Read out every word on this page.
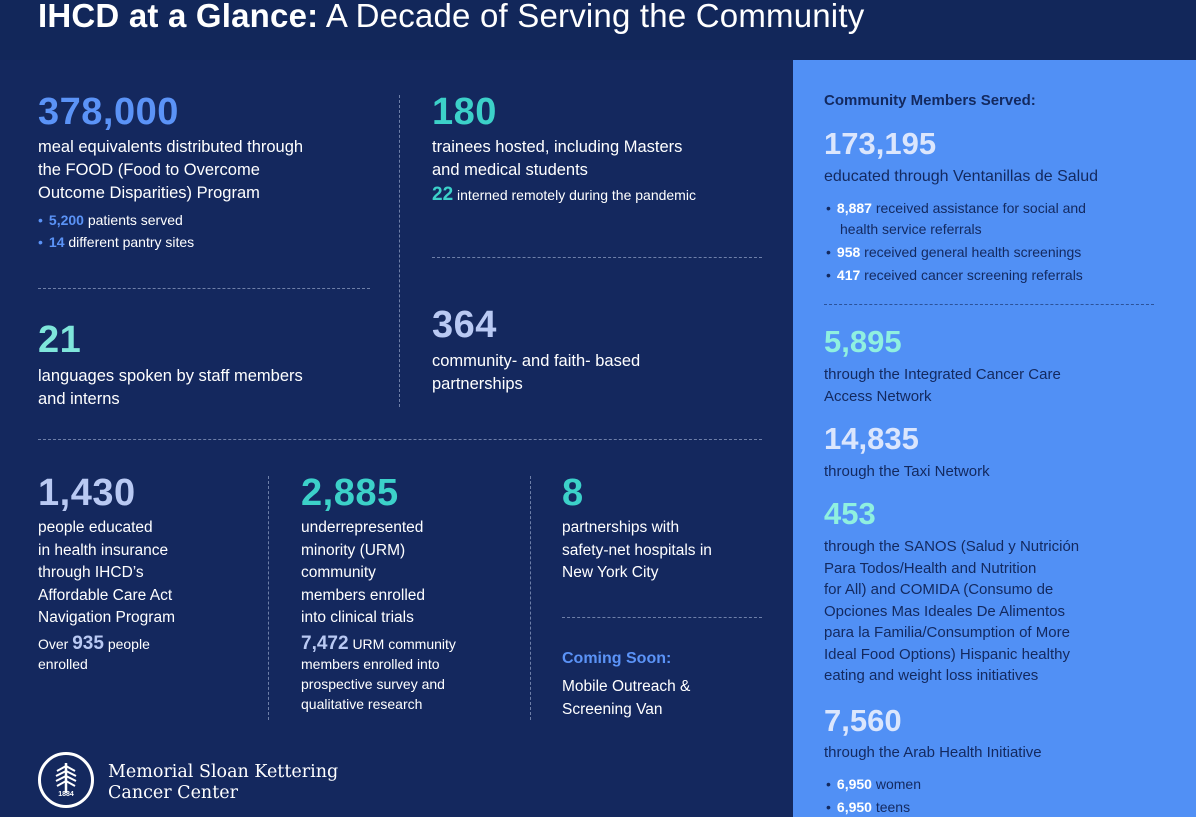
IHCD at a Glance: A Decade of Serving the Community
378,000
meal equivalents distributed through
the FOOD (Food to Overcome
Outcome Disparities) Program
• 5,200 patients served
• 14 different pantry sites
180
trainees hosted, including Masters
and medical students
22 interned remotely during the pandemic
21
languages spoken by staff members
and interns
364
community- and faith- based
partnerships
1,430
people educated
in health insurance
through IHCD’s
Affordable Care Act
Navigation Program
Over 935 people
enrolled
2,885
underrepresented
minority (URM)
community
members enrolled
into clinical trials
7,472 URM community
members enrolled into
prospective survey and
qualitative research
8
partnerships with
safety-net hospitals in
New York City
Coming Soon:
Mobile Outreach &
Screening Van
1884
Memorial Sloan Kettering
Cancer Center
Community Members Served:
173,195
educated through Ventanillas de Salud
• 8,887 received assistance for social and
health service referrals
• 958 received general health screenings
• 417 received cancer screening referrals
5,895
through the Integrated Cancer Care
Access Network
14,835
through the Taxi Network
453
through the SANOS (Salud y Nutrición
Para Todos/Health and Nutrition
for All) and COMIDA (Consumo de
Opciones Mas Ideales De Alimentos
para la Familia/Consumption of More
Ideal Food Options) Hispanic healthy
eating and weight loss initiatives
7,560
through the Arab Health Initiative
• 6,950 women
• 6,950 teens
